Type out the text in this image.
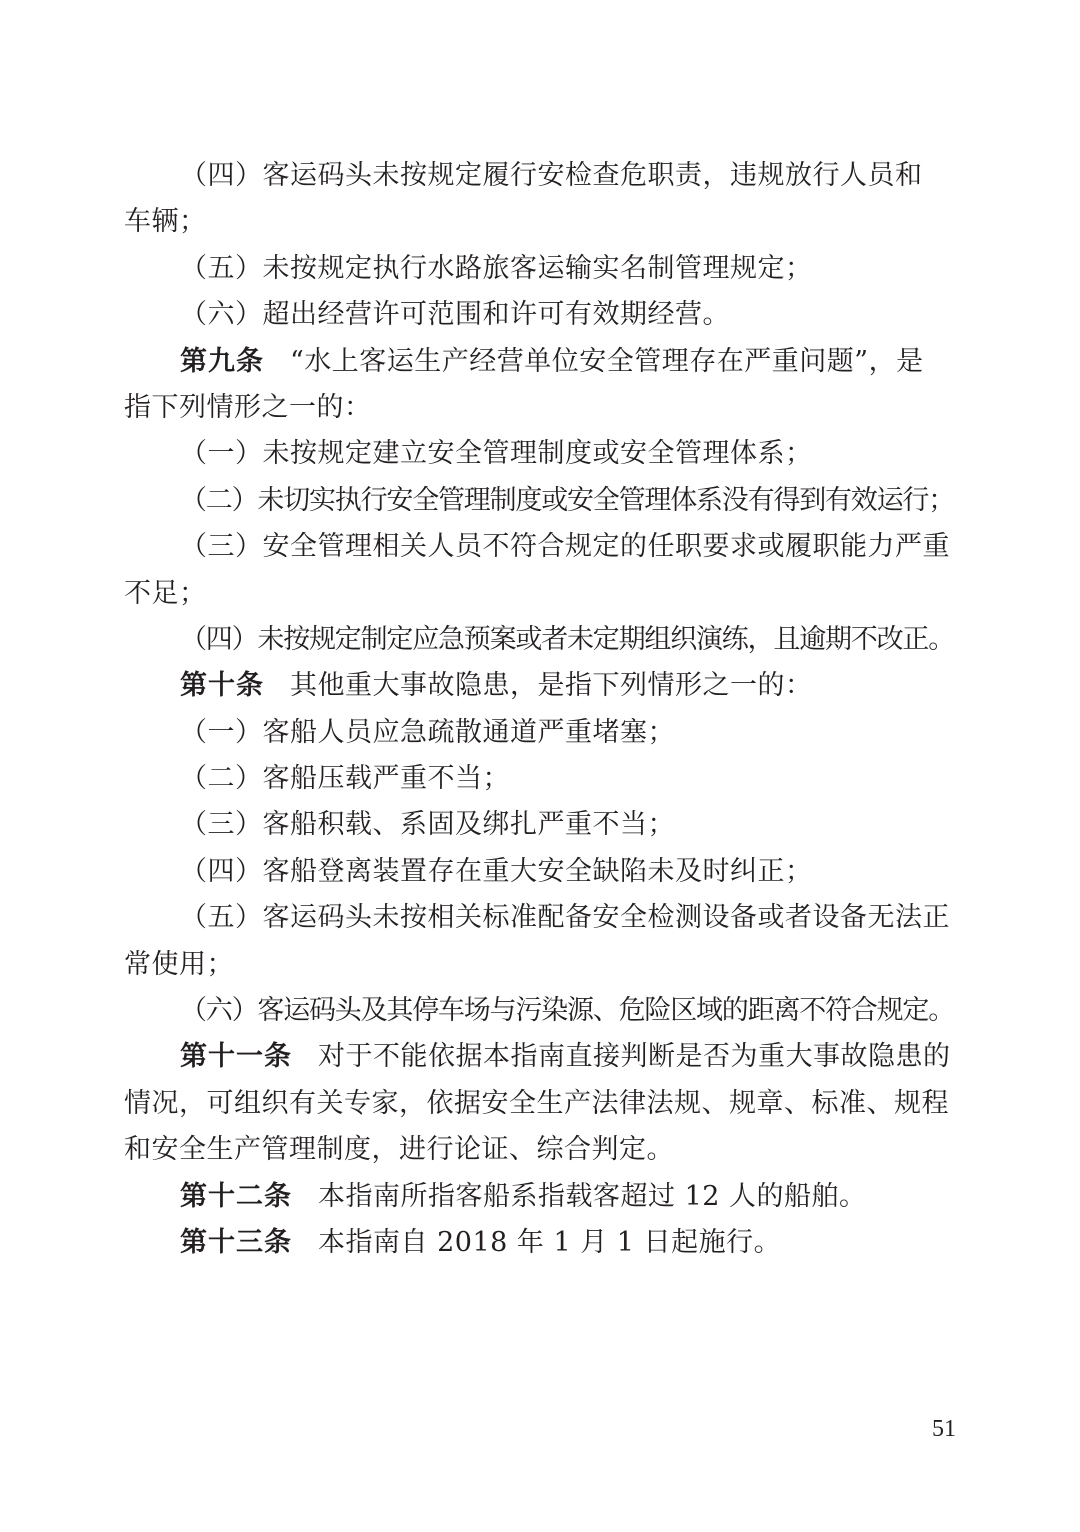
（四）客运码头未按规定履行安检查危职责，违规放行人员和
车辆；
（五）未按规定执行水路旅客运输实名制管理规定；
（六）超出经营许可范围和许可有效期经营。
第九条 “水上客运生产经营单位安全管理存在严重问题”，是
指下列情形之一的：
（一）未按规定建立安全管理制度或安全管理体系；
（二）未切实执行安全管理制度或安全管理体系没有得到有效运行；
（三）安全管理相关人员不符合规定的任职要求或履职能力严重
不足；
（四）未按规定制定应急预案或者未定期组织演练，且逾期不改正。
第十条 其他重大事故隐患，是指下列情形之一的：
（一）客船人员应急疏散通道严重堵塞；
（二）客船压载严重不当；
（三）客船积载、系固及绑扎严重不当；
（四）客船登离装置存在重大安全缺陷未及时纠正；
（五）客运码头未按相关标准配备安全检测设备或者设备无法正
常使用；
（六）客运码头及其停车场与污染源、危险区域的距离不符合规定。
第十一条 对于不能依据本指南直接判断是否为重大事故隐患的
情况，可组织有关专家，依据安全生产法律法规、规章、标准、规程
和安全生产管理制度，进行论证、综合判定。
第十二条 本指南所指客船系指载客超过 12 人的船舶。
第十三条 本指南自 2018 年 1 月 1 日起施行。
51
